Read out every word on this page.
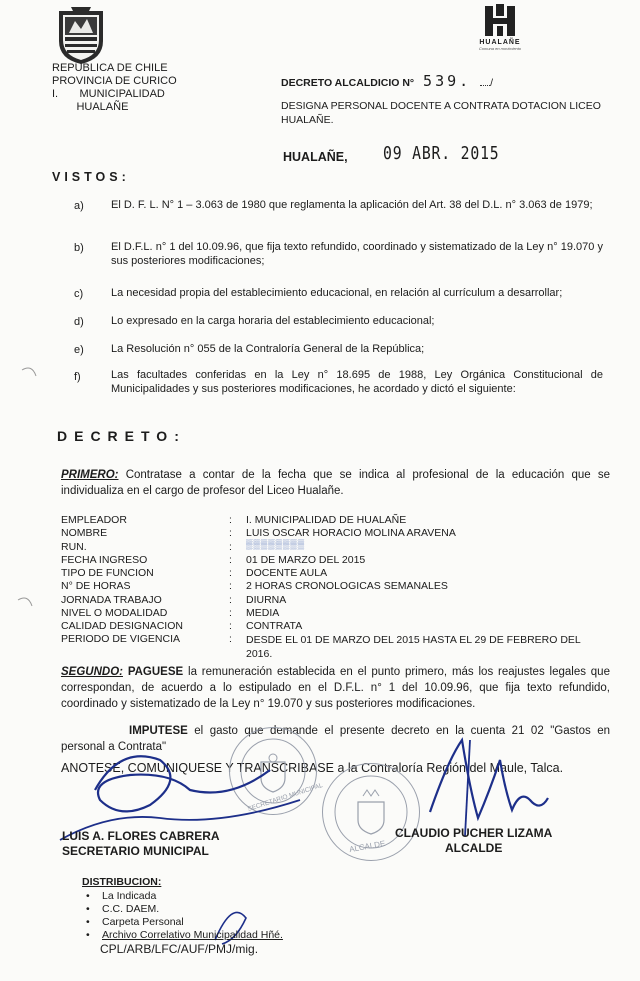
HUALAÑE
Comuna en movimiento
REPUBLICA DE CHILE
PROVINCIA DE CURICO
I.       MUNICIPALIDAD
HUALAÑE
DECRETO ALCALDICIO N° 539. /
DESIGNA PERSONAL DOCENTE A CONTRATA DOTACION LICEO HUALAÑE.
HUALAÑE, 09 ABR. 2015
VISTOS:
a) El D. F. L. N° 1 – 3.063 de 1980 que reglamenta la aplicación del Art. 38 del D.L. n° 3.063 de 1979;
b) El D.F.L. n° 1 del 10.09.96, que fija texto refundido, coordinado y sistematizado de la Ley n° 19.070 y sus posteriores modificaciones;
c)	La necesidad propia del establecimiento educacional, en relación al currículum a desarrollar;
d) Lo expresado en la carga horaria del establecimiento educacional;
e) La Resolución n° 055 de la Contraloría General de la República;
f)	Las facultades conferidas en la Ley n° 18.695 de 1988, Ley Orgánica Constitucional de Municipalidades y sus posteriores modificaciones, he acordado y dictó el siguiente:
DECRETO:
PRIMERO: Contratase a contar de la fecha que se indica al profesional de la educación que se individualiza en el cargo de profesor del Liceo Hualañe.
EMPLEADOR	: I. MUNICIPALIDAD DE HUALAÑE
NOMBRE	: LUIS OSCAR HORACIO MOLINA ARAVENA
RUN.	: ▒▒▒▒▒▒▒▒
FECHA INGRESO	: 01 DE MARZO DEL 2015
TIPO DE FUNCION	: DOCENTE AULA
N° DE HORAS	: 2 HORAS CRONOLOGICAS SEMANALES
JORNADA TRABAJO	: DIURNA
NIVEL O MODALIDAD	: MEDIA
CALIDAD DESIGNACION	: CONTRATA
PERIODO DE VIGENCIA	: DESDE EL 01 DE MARZO DEL 2015 HASTA EL 29 DE FEBRERO DEL 2016.
SEGUNDO: PAGUESE la remuneración establecida en el punto primero, más los reajustes legales que correspondan, de acuerdo a lo estipulado en el D.F.L. n° 1 del 10.09.96, que fija texto refundido, coordinado y sistematizado de la Ley n° 19.070 y sus posteriores modificaciones.
IMPUTESE el gasto que demande el presente decreto en la cuenta 21 02 "Gastos en personal a Contrata"
ANOTESE, COMUNIQUESE Y TRANSCRIBASE a la Contraloría Región del Maule, Talca.
SECRETARIO MUNICIPAL
ALCALDE
LUIS A. FLORES CABRERA
SECRETARIO MUNICIPAL
CLAUDIO PUCHER LIZAMA
ALCALDE
DISTRIBUCION:
• La Indicada
• C.C. DAEM.
• Carpeta Personal
• Archivo Correlativo Municipalidad Hñé.
CPL/ARB/LFC/AUF/PMJ/mig.
